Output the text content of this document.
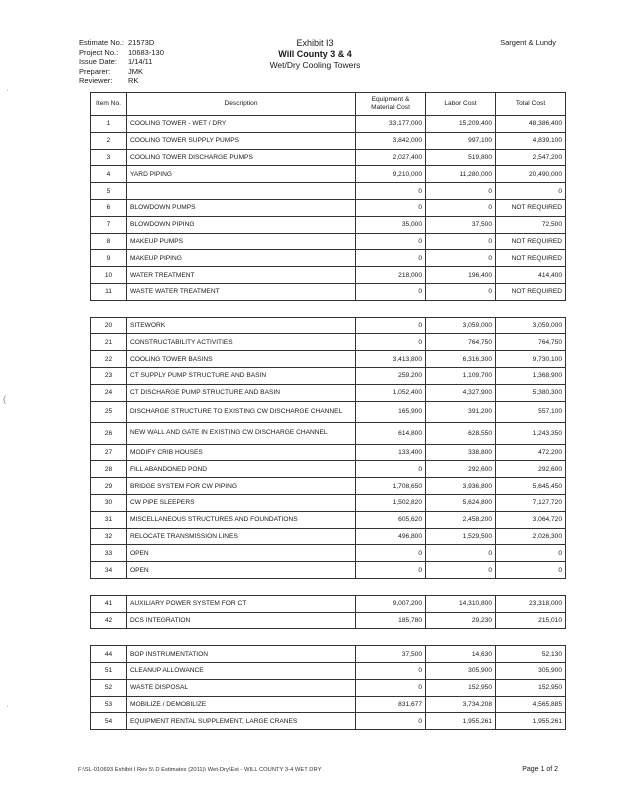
Estimate No.: 21573D
Project No.:	10683-130
Issue Date:	1/14/11
Preparer:	JMK
Reviewer:	RK
Exhibit I3
Will County 3 & 4
Wet/Dry Cooling Towers
Sargent & Lundy
Item No.	Description	Equipment & Material Cost	Labor Cost	Total Cost
1	COOLING TOWER - WET / DRY	33,177,000	15,209,400	48,386,400
2	COOLING TOWER SUPPLY PUMPS	3,842,000	997,100	4,839,100
3	COOLING TOWER DISCHARGE PUMPS	2,027,400	519,800	2,547,200
4	YARD PIPING	9,210,000	11,280,000	20,490,000
5		0	0	0
6	BLOWDOWN PUMPS	0	0	NOT REQUIRED
7	BLOWDOWN PIPING	35,000	37,500	72,500
8	MAKEUP PUMPS	0	0	NOT REQUIRED
9	MAKEUP PIPING	0	0	NOT REQUIRED
10	WATER TREATMENT	218,000	196,400	414,400
11	WASTE WATER TREATMENT	0	0	NOT REQUIRED

20	SITEWORK	0	3,059,000	3,059,000
21	CONSTRUCTABILITY ACTIVITIES	0	764,750	764,750
22	COOLING TOWER BASINS	3,413,800	6,316,300	9,730,100
23	CT SUPPLY PUMP STRUCTURE AND BASIN	259,200	1,109,700	1,368,900
24	CT DISCHARGE PUMP STRUCTURE AND BASIN	1,052,400	4,327,900	5,380,300
25	DISCHARGE STRUCTURE TO EXISTING CW DISCHARGE CHANNEL	165,900	391,200	557,100
26	NEW WALL AND GATE IN EXISTING CW DISCHARGE CHANNEL	614,800	628,550	1,243,350
27	MODIFY CRIB HOUSES	133,400	338,800	472,200
28	FILL ABANDONED POND	0	292,600	292,600
29	BRIDGE SYSTEM FOR CW PIPING	1,708,650	3,936,800	5,645,450
30	CW PIPE SLEEPERS	1,502,820	5,624,800	7,127,720
31	MISCELLANEOUS STRUCTURES AND FOUNDATIONS	605,620	2,458,200	3,064,720
32	RELOCATE TRANSMISSION LINES	496,800	1,529,500	2,026,300
33	OPEN	0	0	0
34	OPEN	0	0	0

41	AUXILIARY POWER SYSTEM FOR CT	9,007,200	14,310,800	23,318,000
42	DCS INTEGRATION	185,780	29,230	215,010

44	BOP INSTRUMENTATION	37,500	14,630	52,130
51	CLEANUP ALLOWANCE	0	305,900	305,900
52	WASTE DISPOSAL	0	152,950	152,950
53	MOBILIZE / DEMOBILIZE	831,677	3,734,208	4,565,885
54	EQUIPMENT RENTAL SUPPLEMENT, LARGE CRANES	0	1,955,261	1,955,261
F:\SL-010693 Exhibit I Rev 5\ D Estimates (2011)\ Wet-Dry\Est - WILL COUNTY 3-4 WET DRY	Page 1 of 2
ˈ
(
ˈ
